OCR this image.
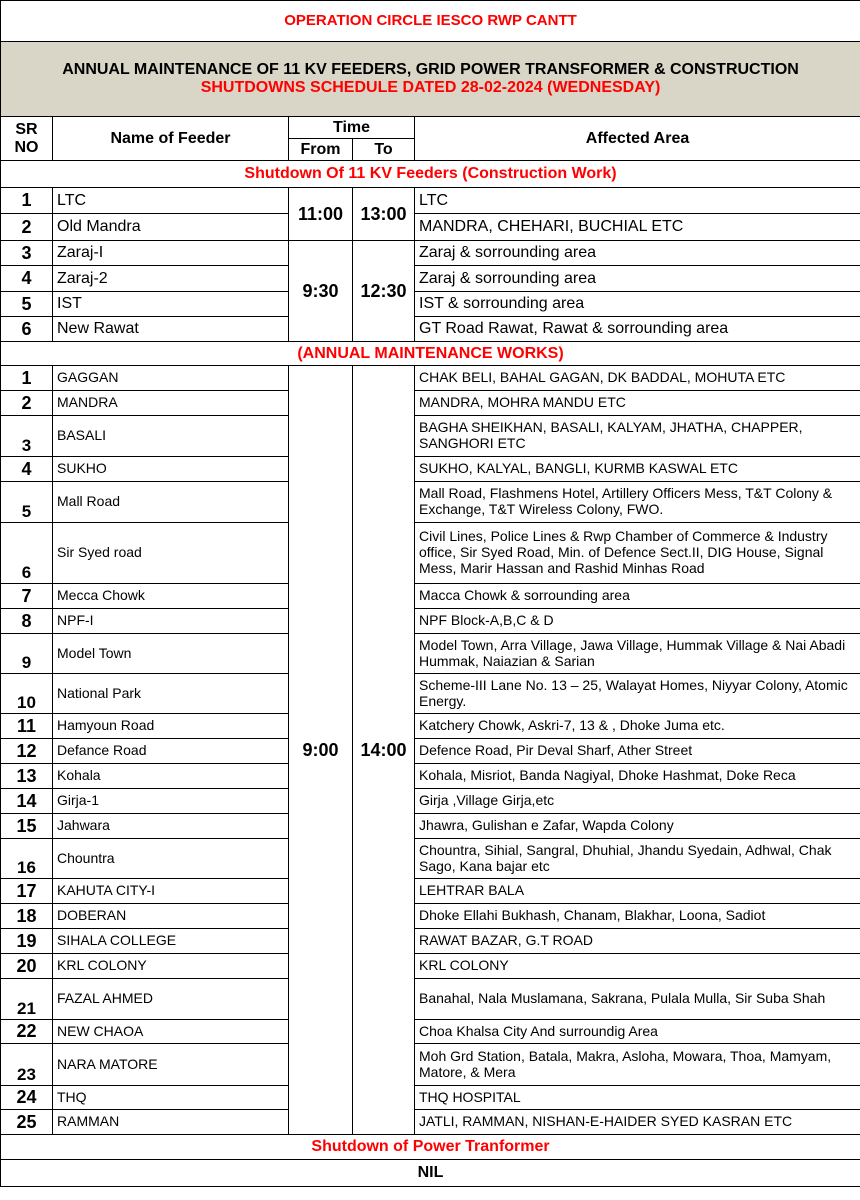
OPERATION CIRCLE IESCO RWP CANTT				

ANNUAL MAINTENANCE OF 11 KV FEEDERS, GRID POWER TRANSFORMER & CONSTRUCTION
SHUTDOWNS SCHEDULE DATED 28-02-2024 (WEDNESDAY)				

SR
NO	Name of Feeder	Time		Affected Area
		From	To	
Shutdown Of 11 KV Feeders (Construction Work)				
1	LTC	11:00	13:00	LTC
2	Old Mandra			MANDRA, CHEHARI, BUCHIAL ETC
3	Zaraj-I	9:30	12:30	Zaraj & sorrounding area
4	Zaraj-2			Zaraj & sorrounding area
5	IST			IST & sorrounding area
6	New Rawat			GT Road Rawat, Rawat & sorrounding area
(ANNUAL MAINTENANCE WORKS)				
1	GAGGAN	9:00	14:00	CHAK BELI, BAHAL GAGAN, DK BADDAL, MOHUTA ETC
2	MANDRA			MANDRA, MOHRA MANDU ETC
3	BASALI			BAGHA SHEIKHAN, BASALI, KALYAM, JHATHA, CHAPPER, SANGHORI ETC
4	SUKHO			SUKHO, KALYAL, BANGLI, KURMB KASWAL ETC
5	Mall Road			Mall Road, Flashmens Hotel, Artillery Officers Mess, T&T Colony & Exchange, T&T Wireless Colony, FWO.
6	Sir Syed road			Civil Lines, Police Lines & Rwp Chamber of Commerce & Industry office, Sir Syed Road, Min. of Defence Sect.II, DIG House, Signal Mess, Marir Hassan and Rashid Minhas Road
7	Mecca Chowk			Macca Chowk & sorrounding area
8	NPF-I			NPF Block-A,B,C & D
9	Model Town			Model Town, Arra Village, Jawa Village, Hummak Village & Nai Abadi Hummak, Naiazian & Sarian
10	National Park			Scheme-III Lane No. 13 – 25, Walayat Homes, Niyyar Colony, Atomic Energy.
11	Hamyoun Road			Katchery Chowk, Askri-7, 13 & , Dhoke Juma etc.
12	Defance Road			Defence Road, Pir Deval Sharf, Ather Street
13	Kohala			Kohala, Misriot, Banda Nagiyal, Dhoke Hashmat, Doke Reca
14	Girja-1			Girja ,Village Girja,etc
15	Jahwara			Jhawra, Gulishan e Zafar, Wapda Colony
16	Chountra			Chountra, Sihial, Sangral, Dhuhial, Jhandu Syedain, Adhwal, Chak Sago, Kana bajar etc
17	KAHUTA CITY-I			LEHTRAR BALA
18	DOBERAN			Dhoke Ellahi Bukhash, Chanam, Blakhar, Loona, Sadiot
19	SIHALA COLLEGE			RAWAT BAZAR, G.T ROAD
20	KRL COLONY			KRL COLONY
21	FAZAL AHMED			Banahal, Nala Muslamana, Sakrana, Pulala Mulla, Sir Suba Shah
22	NEW CHAOA			Choa Khalsa City And surroundig Area
23	NARA MATORE			Moh Grd Station, Batala, Makra, Asloha, Mowara, Thoa, Mamyam, Matore, & Mera
24	THQ			THQ HOSPITAL
25	RAMMAN			JATLI, RAMMAN, NISHAN-E-HAIDER SYED KASRAN ETC
Shutdown of Power Tranformer				
NIL				
